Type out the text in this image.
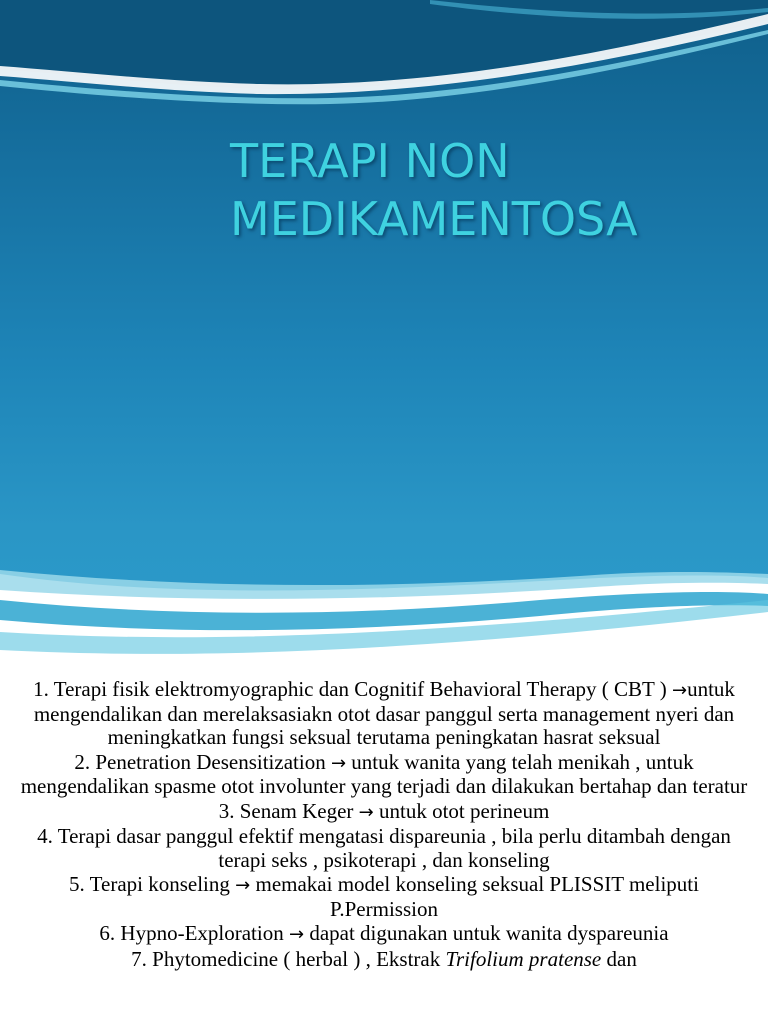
TERAPI NON
MEDIKAMENTOSA
1. Terapi fisik elektromyographic dan Cognitif Behavioral Therapy ( CBT ) →untuk mengendalikan dan merelaksasiakn otot dasar panggul serta management nyeri dan meningkatkan fungsi seksual terutama peningkatan hasrat seksual
2. Penetration Desensitization → untuk wanita yang telah menikah , untuk mengendalikan spasme otot involunter yang terjadi dan dilakukan bertahap dan teratur
3. Senam Keger → untuk otot perineum
4. Terapi dasar panggul efektif mengatasi dispareunia , bila perlu ditambah dengan terapi seks , psikoterapi , dan konseling
5. Terapi konseling → memakai model konseling seksual PLISSIT meliputi P.Permission
6. Hypno-Exploration → dapat digunakan untuk wanita dyspareunia
7. Phytomedicine ( herbal ) , Ekstrak Trifolium pratense dan
